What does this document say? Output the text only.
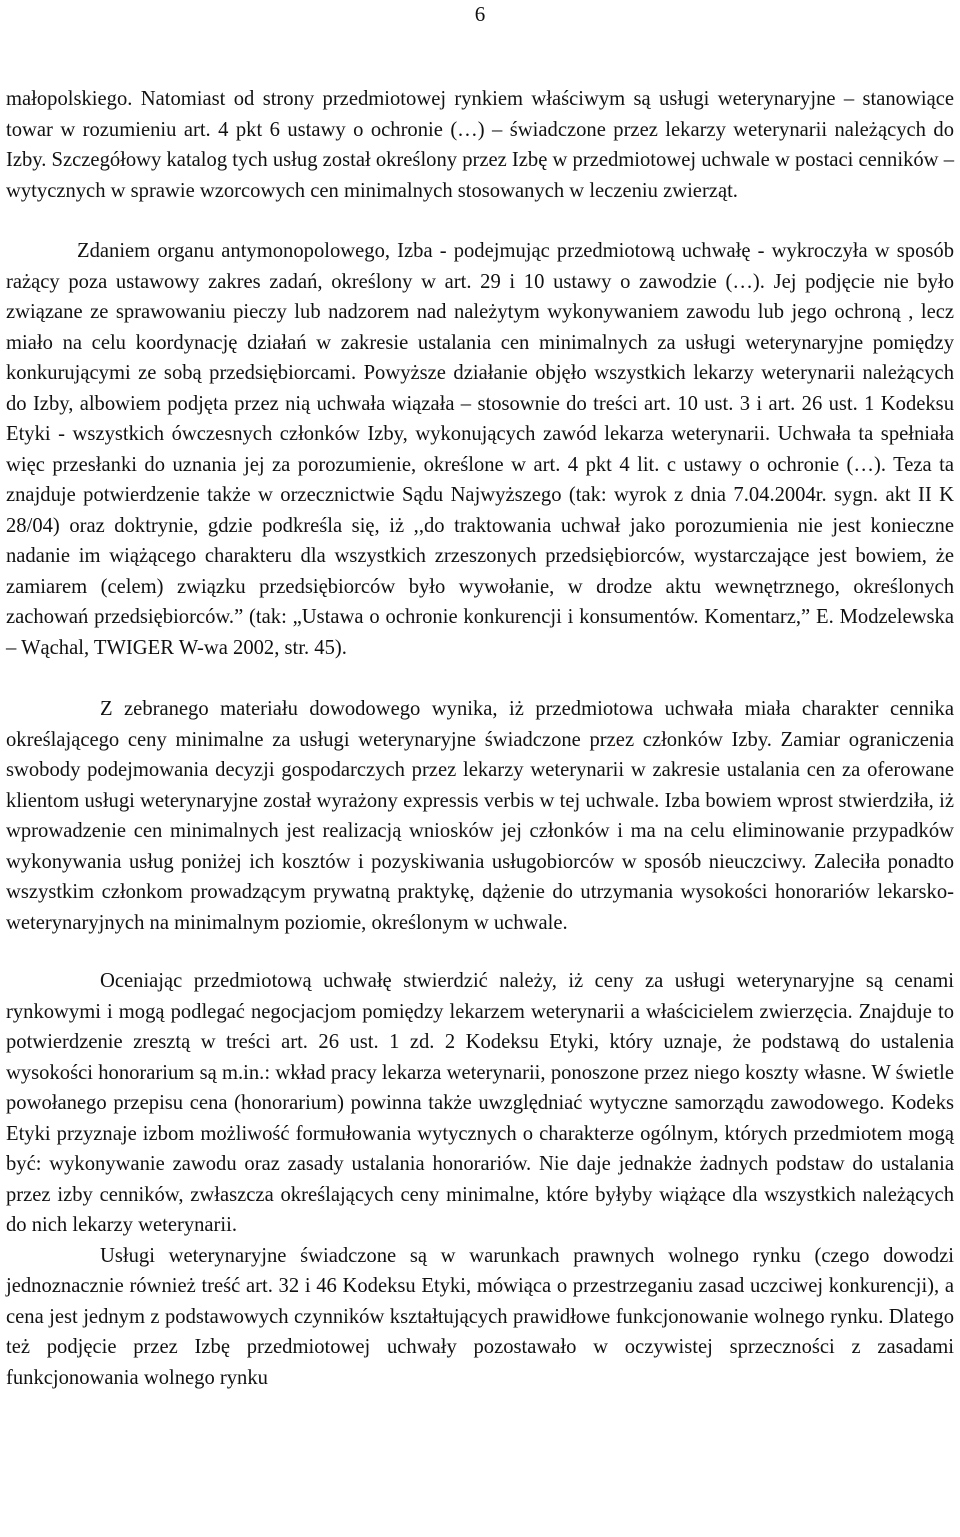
6

małopolskiego. Natomiast od strony przedmiotowej rynkiem właściwym są usługi weterynaryjne – stanowiące towar w rozumieniu art. 4 pkt 6 ustawy o ochronie (…) – świadczone przez lekarzy weterynarii należących do Izby. Szczegółowy katalog tych usług został określony przez Izbę w przedmiotowej uchwale w postaci cenników – wytycznych w sprawie wzorcowych cen minimalnych stosowanych w leczeniu zwierząt.

Zdaniem organu antymonopolowego, Izba - podejmując przedmiotową uchwałę - wykroczyła w sposób rażący poza ustawowy zakres zadań, określony w art. 29 i 10 ustawy o zawodzie (…). Jej podjęcie nie było związane ze sprawowaniu pieczy lub nadzorem nad należytym wykonywaniem zawodu lub jego ochroną , lecz miało na celu koordynację działań w zakresie ustalania cen minimalnych za usługi weterynaryjne pomiędzy konkurującymi ze sobą przedsiębiorcami. Powyższe działanie objęło wszystkich lekarzy weterynarii należących do Izby, albowiem podjęta przez nią uchwała wiązała – stosownie do treści art. 10 ust. 3 i art. 26 ust. 1 Kodeksu Etyki - wszystkich ówczesnych członków Izby, wykonujących zawód lekarza weterynarii. Uchwała ta spełniała więc przesłanki do uznania jej za porozumienie, określone w art. 4 pkt 4 lit. c ustawy o ochronie (…). Teza ta znajduje potwierdzenie także w orzecznictwie Sądu Najwyższego (tak: wyrok z dnia 7.04.2004r. sygn. akt II K 28/04) oraz doktrynie, gdzie podkreśla się, iż ,,do traktowania uchwał jako porozumienia nie jest konieczne nadanie im wiążącego charakteru dla wszystkich zrzeszonych przedsiębiorców, wystarczające jest bowiem, że zamiarem (celem) związku przedsiębiorców było wywołanie, w drodze aktu wewnętrznego, określonych zachowań przedsiębiorców.” (tak: „Ustawa o ochronie konkurencji i konsumentów. Komentarz,” E. Modzelewska – Wąchal, TWIGER W-wa 2002, str. 45).

Z zebranego materiału dowodowego wynika, iż przedmiotowa uchwała miała charakter cennika określającego ceny minimalne za usługi weterynaryjne świadczone przez członków Izby. Zamiar ograniczenia swobody podejmowania decyzji gospodarczych przez lekarzy weterynarii w zakresie ustalania cen za oferowane klientom usługi weterynaryjne został wyrażony expressis verbis w tej uchwale. Izba bowiem wprost stwierdziła, iż wprowadzenie cen minimalnych jest realizacją wniosków jej członków i ma na celu eliminowanie przypadków wykonywania usług poniżej ich kosztów i pozyskiwania usługobiorców w sposób nieuczciwy. Zaleciła ponadto wszystkim członkom prowadzącym prywatną praktykę, dążenie do utrzymania wysokości honorariów lekarsko-weterynaryjnych na minimalnym poziomie, określonym w uchwale.

Oceniając przedmiotową uchwałę stwierdzić należy, iż ceny za usługi weterynaryjne są cenami rynkowymi i mogą podlegać negocjacjom pomiędzy lekarzem weterynarii a właścicielem zwierzęcia. Znajduje to potwierdzenie zresztą w treści art. 26 ust. 1 zd. 2 Kodeksu Etyki, który uznaje, że podstawą do ustalenia wysokości honorarium są m.in.: wkład pracy lekarza weterynarii, ponoszone przez niego koszty własne. W świetle powołanego przepisu cena (honorarium) powinna także uwzględniać wytyczne samorządu zawodowego. Kodeks Etyki przyznaje izbom możliwość formułowania wytycznych o charakterze ogólnym, których przedmiotem mogą być: wykonywanie zawodu oraz zasady ustalania honorariów. Nie daje jednakże żadnych podstaw do ustalania przez izby cenników, zwłaszcza określających ceny minimalne, które byłyby wiążące dla wszystkich należących do nich lekarzy weterynarii.

Usługi weterynaryjne świadczone są w warunkach prawnych wolnego rynku (czego dowodzi jednoznacznie również treść art. 32 i 46 Kodeksu Etyki, mówiąca o przestrzeganiu zasad uczciwej konkurencji), a cena jest jednym z podstawowych czynników kształtujących prawidłowe funkcjonowanie wolnego rynku. Dlatego też podjęcie przez Izbę przedmiotowej uchwały pozostawało w oczywistej sprzeczności z zasadami funkcjonowania wolnego rynku
